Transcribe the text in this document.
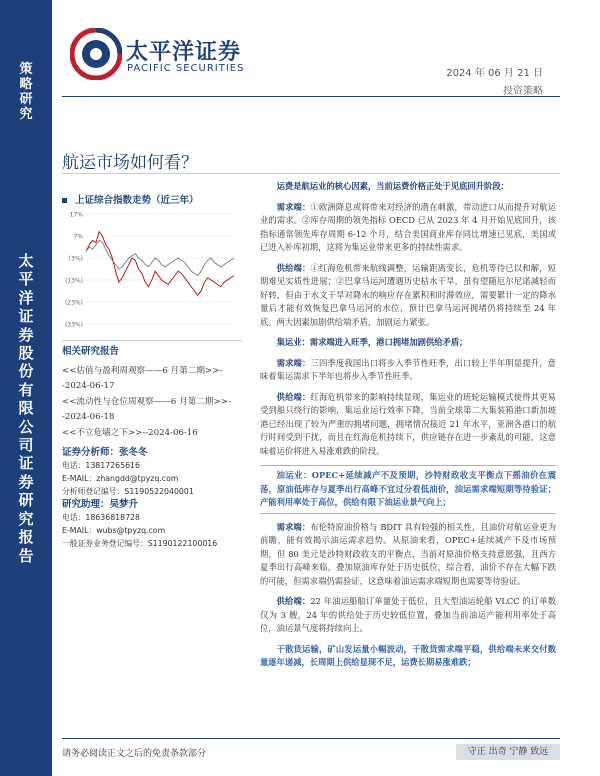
策
略
研
究
太
平
洋
证
券
股
份
有
限
公
司
证
券
研
究
报
告
太平洋证券
PACIFIC SECURITIES	2024 年 06 月 21 日
投资策略
航运市场如何看？
上证综合指数走势（近三年）
17%
7%
(3%)
(13%)
(23%)
(33%)
相关研究报告
<<估值与盈利周观察——6 月第二期>>--2024-06-17
<<流动性与仓位周观察——6 月第二期>>--2024-06-18
<<不立危墙之下>>--2024-06-16
证券分析师：张冬冬
电话：13817265616
E-MAIL：zhangdd@tpyzq.com
分析师登记编号：S1190522040001
研究助理：吴梦升
电话：18636818728
E-MAIL：wubs@tpyzq.com
一般证券业务登记编号：S1190122100016

运费是航运业的核心因素，当前运费价格正处于见底回升阶段：

需求端：①欧洲降息或将带来对经济的潜在刺激，带动进口从而提升对航运业的需求。②库存周期的领先指标 OECD 已从 2023 年 4 月开始见底回升，该指标通常领先库存周期 6-12 个月，结合美国商业库存同比增速已见底，美国或已进入补库初期，这将为集运业带来更多的持续性需求。

供给端：①红海危机带来航线调整，运输距离变长，危机等待已以和解，短期难见实质性进展；②巴拿马运河遭遇历史枯水干旱，虽有望随厄尔尼诺减轻而好转，但由于水文干旱对降水的响应存在累积和时滞效应，需要累计一定的降水量后才能有效恢复巴拿马运河的水位，预计巴拿马运河拥堵仍将持续至 24 年底。两大因素加剧供给端矛盾，加剧运力紧张。

集运业：需求端进入旺季，港口拥堵加剧供给矛盾；

需求端：三四季度我国出口将步入季节性旺季，出口较上半年明显提升，意味着集运需求下半年也将步入季节性旺季。

供给端：红海危机带来的影响持续显现，集运业的班轮运输模式使得其更易受到船只绕行的影响，集运业运行效率下降，当前全球第二大集装箱港口新加坡港已经出现了较为严重的拥堵问题，拥堵情况接近 21 年水平，亚洲各港口的航行时间受到干扰，而且在红海危机持续下，供应链存在进一步紊乱的可能，这意味着运价将进入易涨难跌的阶段。

油运业：OPEC+延续减产不及预期，沙特财政收支平衡点下摇油价在震荡，原油低库存与夏季出行高峰不宜过分看低油价，油运需求端短期等待验证；产能利用率处于高位，供给有限下油运业景气向上；

需求端：布伦特原油价格与 BDIT 具有较强的相关性，且油价对航运业更为前瞻，能有效揭示油运需求趋势。从原油来看，OPEC+延续减产不及市场预期，但 80 美元是沙特财政收支的平衡点，当前对原油价格支持意愿强，且西方夏季出行高峰来临，叠加原油库存处于历史低位，综合看，油价不存在大幅下跌的可能，但需求端仍需验证，这意味着油运需求端短期也需要等待验证。

供给端：22 年油运船舶订单量处于低位，且大型油运轮船 VLCC 的订单数仅为 3 艘，24 年的供给处于历史较低位置，叠加当前油运产能利用率处于高位，油运景气度将持续向上。

干散货运输，矿山发运量小幅波动，干散货需求端平稳，供给端未来交付数量逐年递减，长周期上供给显现不足，运费长期易涨难跌；

请务必阅读正文之后的免责条款部分	守正 出奇 宁静 致远
